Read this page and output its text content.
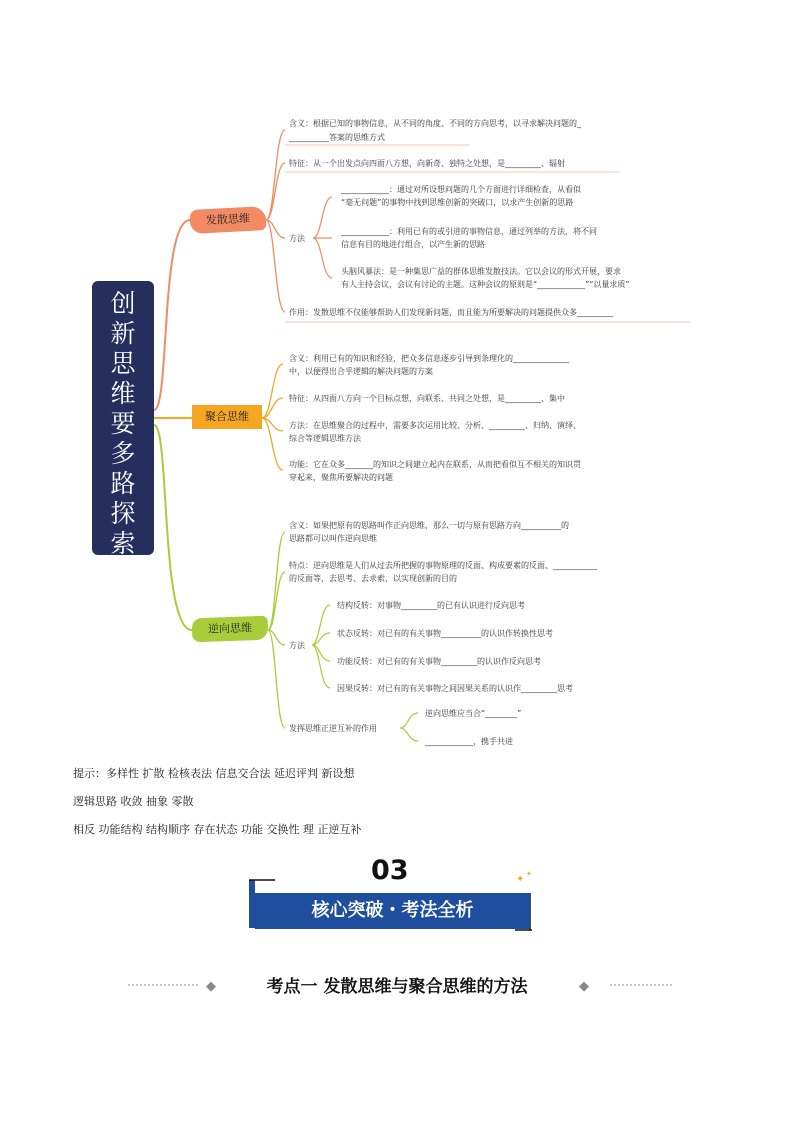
✦ ✦
◆	◆
创
新
思
维
要
多
路
探
索
发散思维
含义：根据已知的事物信息，从不同的角度、不同的方向思考，以寻求解决问题的_
__________答案的思维方式
特征：从一个出发点向四面八方想，向新奇、独特之处想，是_________、辐射
方法
____________：通过对所设想问题的几个方面进行详细检查，从看似
“毫无问题”的事物中找到思维创新的突破口，以求产生创新的思路
____________：利用已有的或引进的事物信息，通过列举的方法，将不同
信息有目的地进行组合，以产生新的思路
头脑风暴法：是一种集思广益的群体思维发散技法。它以会议的形式开展，要求
有人主持会议，会议有讨论的主题。这种会议的原则是“____________”“以量求质”
作用：发散思维不仅能够帮助人们发现新问题，而且能为所要解决的问题提供众多_________
聚合思维
含义：利用已有的知识和经验，把众多信息逐步引导到条理化的______________
中，以便得出合乎逻辑的解决问题的方案
特征：从四面八方向一个目标点想，向联系、共同之处想，是_________、集中
方法：在思维聚合的过程中，需要多次运用比较、分析、_________、归纳、演绎、
综合等逻辑思维方法
功能：它在众多_______的知识之间建立起内在联系，从而把看似互不相关的知识贯
穿起来，聚焦所要解决的问题
逆向思维
含义：如果把原有的思路叫作正向思维，那么一切与原有思路方向__________的
思路都可以叫作逆向思维
特点：逆向思维是人们从过去所把握的事物原理的反面、构成要素的反面、___________
的反面等，去思考、去求索，以实现创新的目的
方法
结构反转：对事物_________的已有认识进行反向思考
状态反转：对已有的有关事物__________的认识作转换性思考
功能反转：对已有的有关事物_________的认识作反向思考
因果反转：对已有的有关事物之间因果关系的认识作_________思考
发挥思维正逆互补的作用
逆向思维应当合“________”
____________，携手共进
提示：多样性 扩散 检核表法 信息交合法 延迟评判 新设想
逻辑思路 收敛 抽象 零散
相反 功能结构 结构顺序 存在状态 功能 交换性 理 正逆互补
03
核心突破・考法全析
考点一 发散思维与聚合思维的方法
